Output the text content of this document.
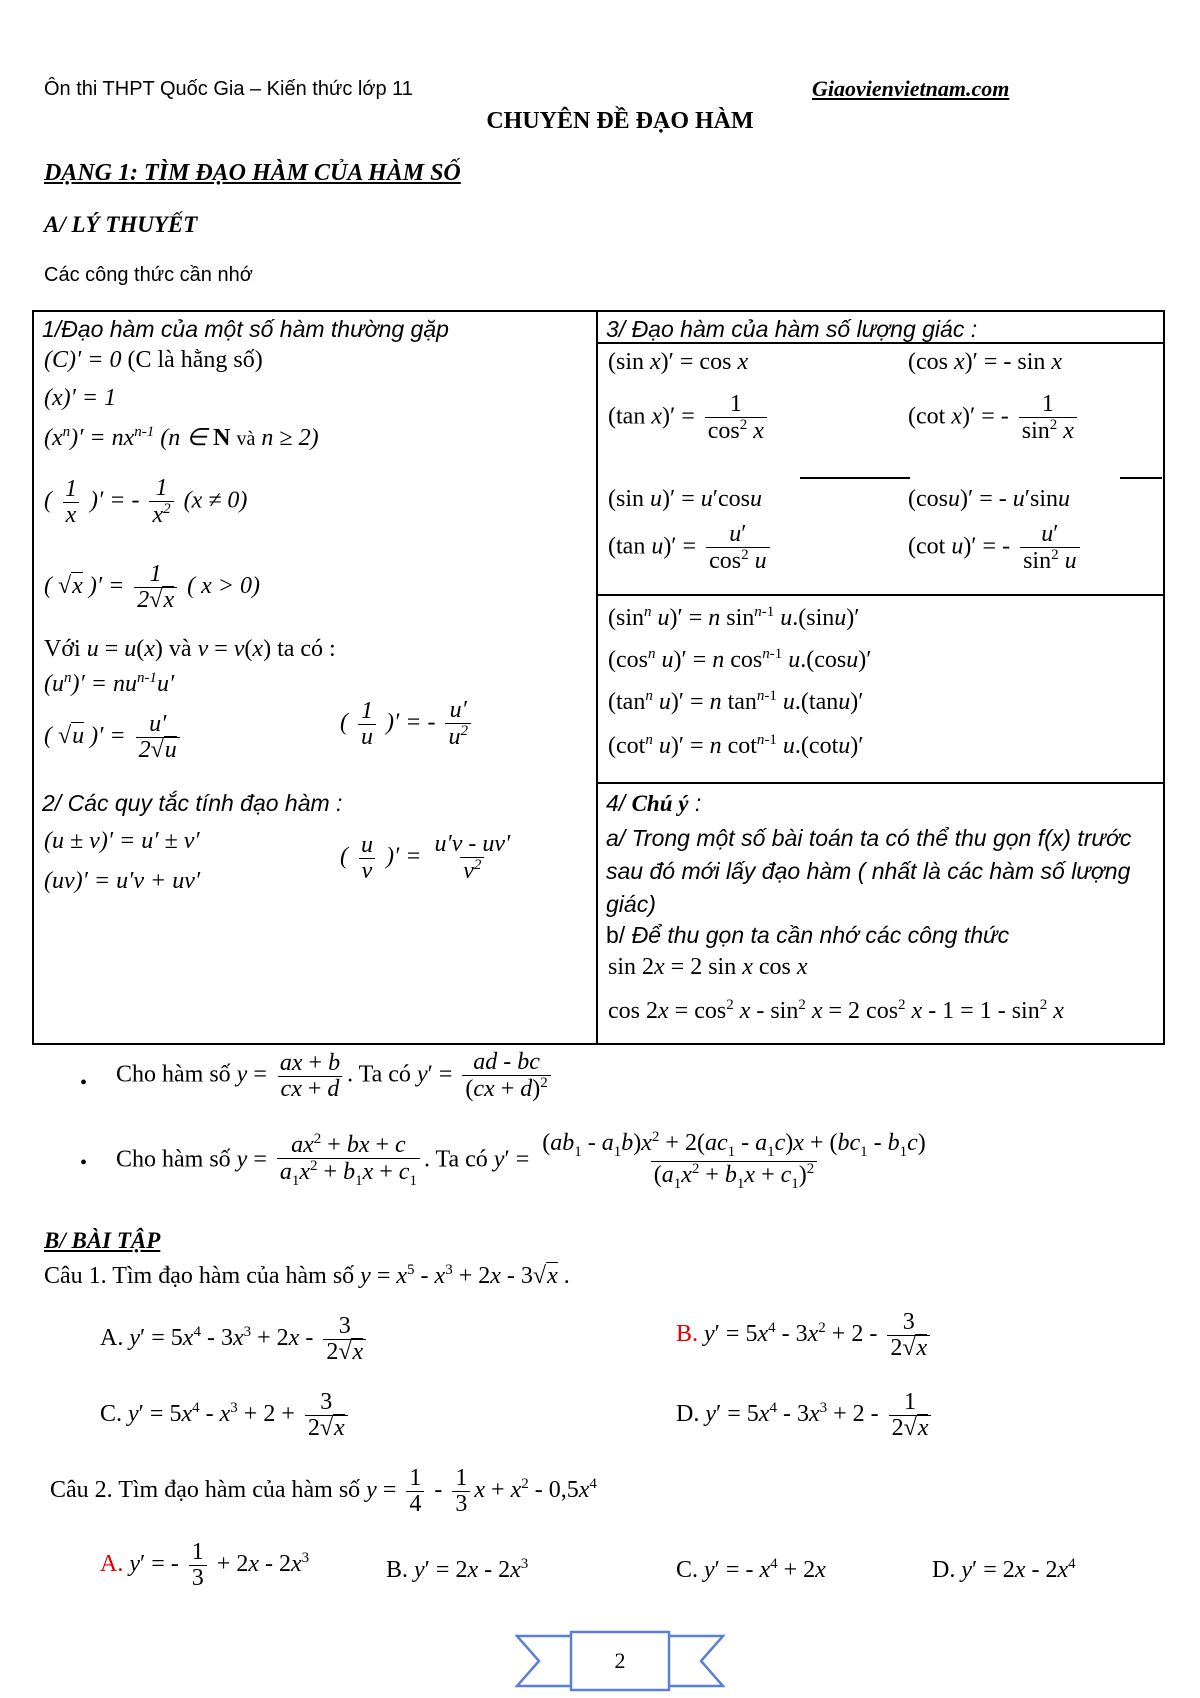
Ôn thi THPT Quốc Gia – Kiến thức lớp 11	Giaovienvietnam.com
CHUYÊN ĐỀ ĐẠO HÀM
DẠNG 1: TÌM ĐẠO HÀM CỦA HÀM SỐ
A/ LÝ THUYẾT
Các công thức cần nhớ
1/Đạo hàm của một số hàm thường gặp
(C)′ = 0 (C là hằng số)
(x)′ = 1
$(x^n)' = nx^{n-1}$ (n ∈ N và n ≥ 2)
( $\frac{1}{x}$ )′ = - $\frac{1}{x^2} (x \ne 0)$
( √x )′ = $\frac{1}{2√x}$ ( x > 0)
Với u = u(x) và v = v(x) ta có :
$(u^n)' = nu^{n-1}u'$
( √u )′ = $\frac{u'}{2√u}$	( $\frac{1}{u}$ )′ = - $\frac{u'}{u^2}$
2/ Các quy tắc tính đạo hàm :
(u ± v)′ = u′ ± v′
(uv)′ = u′v + uv′
( $\frac{u}{v}$ )′ = $\frac{u'v - uv'}{v^2}$
3/ Đạo hàm của hàm số lượng giác :
(sin x)′ = cos x	(cos x)′ = - sin x
(tan $x)' = \frac{1}{\cos^2 x}$	(cot x)′ = - $\frac{1}{\sin^2 x}$
(sin u)′ = u′cosu	(cosu)′ = - u′sinu
(tan $u)' = \frac{u'}{\cos^2 u}$	(cot u)′ = - $\frac{u'}{\sin^2 u}$
($\sin^n$ u)′ = n $\sin^{n-1} u.(\sin u)'$
($\cos^n$ u)′ = n $\cos^{n-1} u.(\cos u)'$
($\tan^n$ u)′ = n $\tan^{n-1} u.(\tan u)'$
($\cot^n$ u)′ = n $\cot^{n-1} u.(\cot u)'$
4/ Chú ý :
a/ Trong một số bài toán ta có thể thu gọn f(x) trước sau đó mới lấy đạo hàm ( nhất là các hàm số lượng giác)
b/ Để thu gọn ta cần nhớ các công thức
sin 2x = 2 sin x cos x
$\cos 2x = \cos^2 x - \sin^2 x = 2$ $\cos^2 x - 1 = 1 - \sin^2 x$
• Cho hàm số $y = \frac{ax + b}{cx + d}$ . Ta có $y' = \frac{ad - bc}{(cx + d)^2}$
• Cho hàm số $y = \frac{ax^2 + bx + c}{a_1x^2 + b_1x + c_1}$ . Ta có $y' = \frac{(ab_1 - a_1b)x^2 + 2(ac_1 - a_1c)x + (bc_1 - b_1c)}{(a_1x^2 + b_1x + c_1)^2}$
B/ BÀI TẬP
Câu 1. Tìm đạo hàm của hàm số $y = x^5 - x^3 + 2x - 3√x$ .
A. $y' = 5x^4 - 3x^3 + 2x - \frac{3}{2√x}$	B. $y' = 5x^4 - 3x^2 + 2 - \frac{3}{2√x}$
C. $y' = 5x^4 - x^3 + 2 + \frac{3}{2√x}$	D. $y' = 5x^4 - 3x^3 + 2 - \frac{1}{2√x}$
Câu 2. Tìm đạo hàm của hàm số $y = \frac{1}{4} - \frac{1}{3}$ $x + x^2 - 0,5x^4$
A. y′ = - $\frac{1}{3} + 2x - 2x^3$	B. $y' = 2x - 2x^3$	C. y′ = - $x^4 + 2x$	D. $y' = 2x - 2x^4$
2
